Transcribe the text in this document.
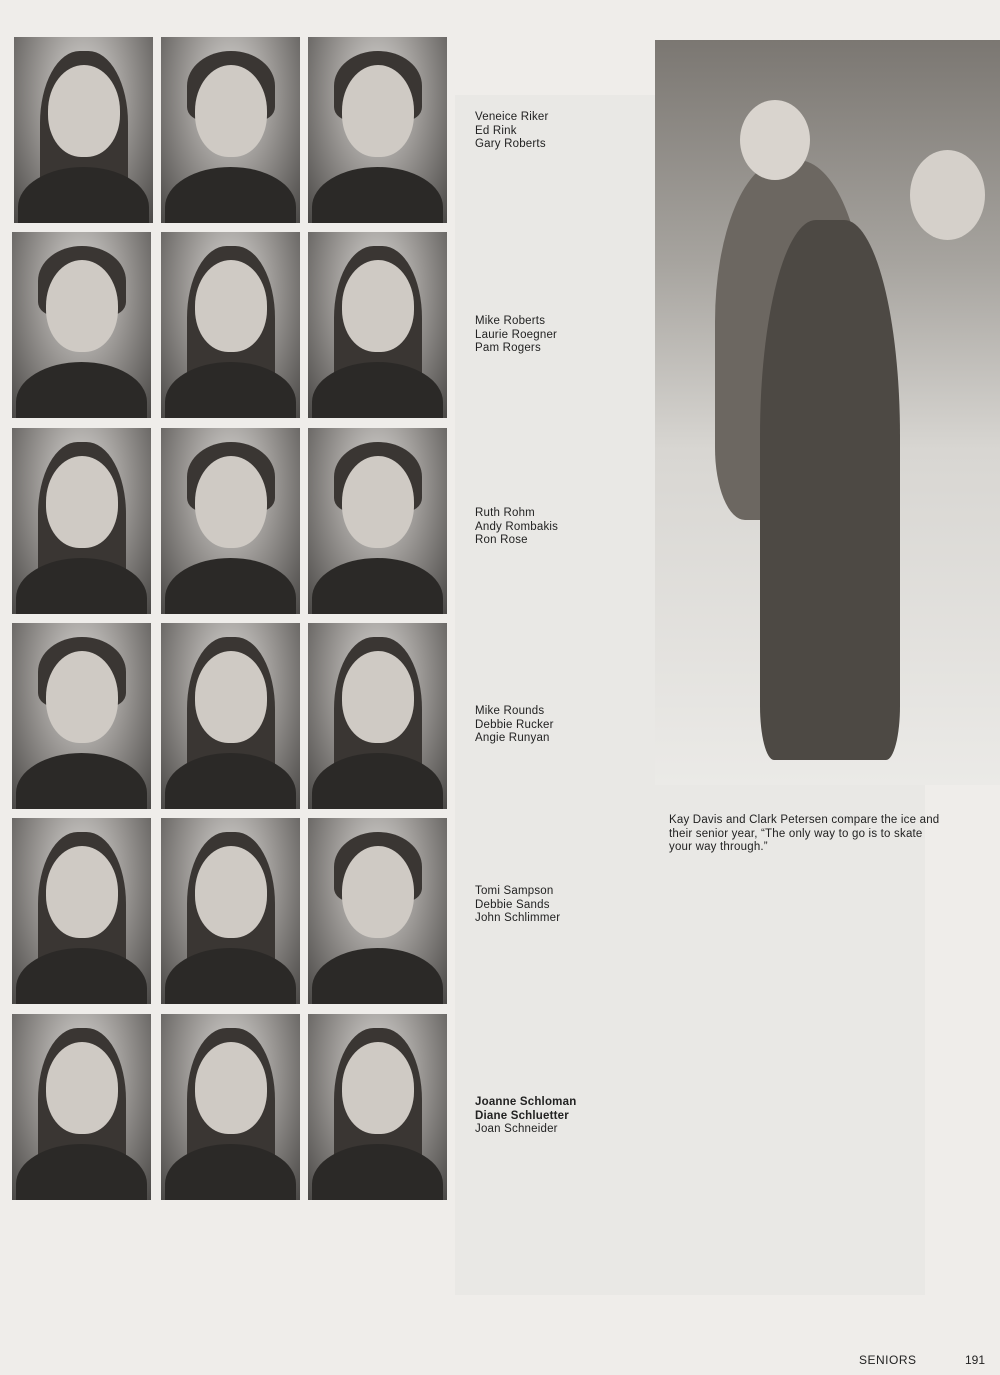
Veneice Riker
Ed Rink
Gary Roberts
Mike Roberts
Laurie Roegner
Pam Rogers
Ruth Rohm
Andy Rombakis
Ron Rose
Mike Rounds
Debbie Rucker
Angie Runyan
Tomi Sampson
Debbie Sands
John Schlimmer
Joanne Schloman
Diane Schluetter
Joan Schneider
Kay Davis and Clark Petersen compare the ice and their senior year, “The only way to go is to skate your way through.”
SENIORS	191
